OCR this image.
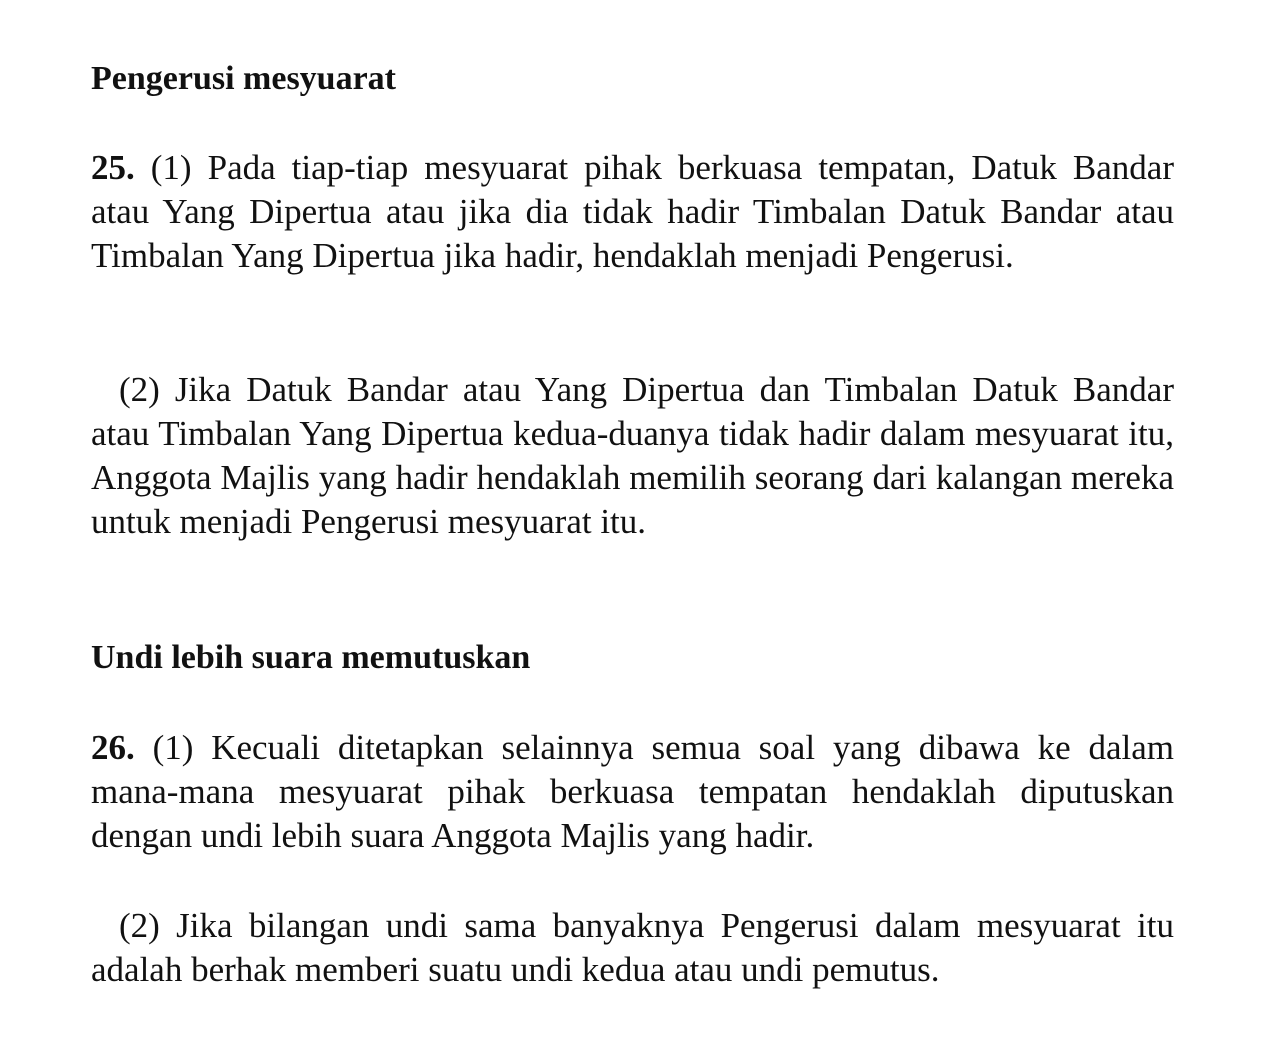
Pengerusi mesyuarat

25. (1) Pada tiap-tiap mesyuarat pihak berkuasa tempatan, Datuk Bandar atau Yang Dipertua atau jika dia tidak hadir Timbalan Datuk Bandar atau Timbalan Yang Dipertua jika hadir, hendaklah menjadi Pengerusi.

(2) Jika Datuk Bandar atau Yang Dipertua dan Timbalan Datuk Bandar atau Timbalan Yang Dipertua kedua-duanya tidak hadir dalam mesyuarat itu, Anggota Majlis yang hadir hendaklah memilih seorang dari kalangan mereka untuk menjadi Pengerusi mesyuarat itu.

Undi lebih suara memutuskan

26. (1) Kecuali ditetapkan selainnya semua soal yang dibawa ke dalam mana-mana mesyuarat pihak berkuasa tempatan hendaklah diputuskan dengan undi lebih suara Anggota Majlis yang hadir.

(2) Jika bilangan undi sama banyaknya Pengerusi dalam mesyuarat itu adalah berhak memberi suatu undi kedua atau undi pemutus.
